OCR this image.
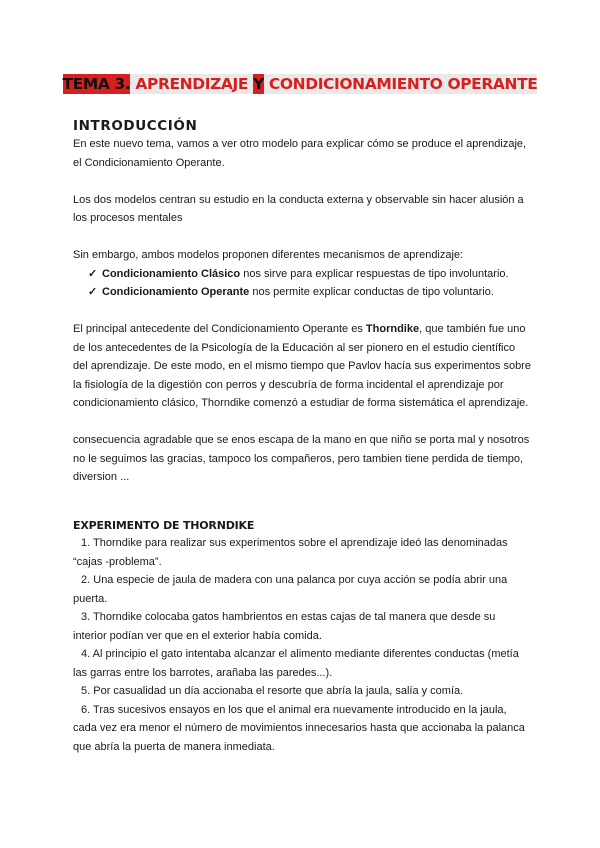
TEMA 3. APRENDIZAJE Y CONDICIONAMIENTO OPERANTE
INTRODUCCIÓN

En este nuevo tema, vamos a ver otro modelo para explicar cómo se produce el aprendizaje, el Condicionamiento Operante.

Los dos modelos centran su estudio en la conducta externa y observable sin hacer alusión a los procesos mentales

Sin embargo, ambos modelos proponen diferentes mecanismos de aprendizaje:

✓ Condicionamiento Clásico nos sirve para explicar respuestas de tipo involuntario.
✓ Condicionamiento Operante nos permite explicar conductas de tipo voluntario.

El principal antecedente del Condicionamiento Operante es Thorndike, que también fue uno de los antecedentes de la Psicología de la Educación al ser pionero en el estudio científico del aprendizaje. De este modo, en el mismo tiempo que Pavlov hacía sus experimentos sobre la fisiología de la digestión con perros y descubría de forma incidental el aprendizaje por condicionamiento clásico, Thorndike comenzó a estudiar de forma sistemática el aprendizaje.

consecuencia agradable que se enos escapa de la mano en que niño se porta mal y nosotros no le seguimos las gracias, tampoco los compañeros, pero tambien tiene perdida de tiempo, diversion ...

EXPERIMENTO DE THORNDIKE
1. Thorndike para realizar sus experimentos sobre el aprendizaje ideó las denominadas “cajas -problema”.
2. Una especie de jaula de madera con una palanca por cuya acción se podía abrir una puerta.
3. Thorndike colocaba gatos hambrientos en estas cajas de tal manera que desde su interior podían ver que en el exterior había comida.
4. Al principio el gato intentaba alcanzar el alimento mediante diferentes conductas (metía las garras entre los barrotes, arañaba las paredes...).
5. Por casualidad un día accionaba el resorte que abría la jaula, salía y comía.
6. Tras sucesivos ensayos en los que el animal era nuevamente introducido en la jaula, cada vez era menor el número de movimientos innecesarios hasta que accionaba la palanca que abría la puerta de manera inmediata.
